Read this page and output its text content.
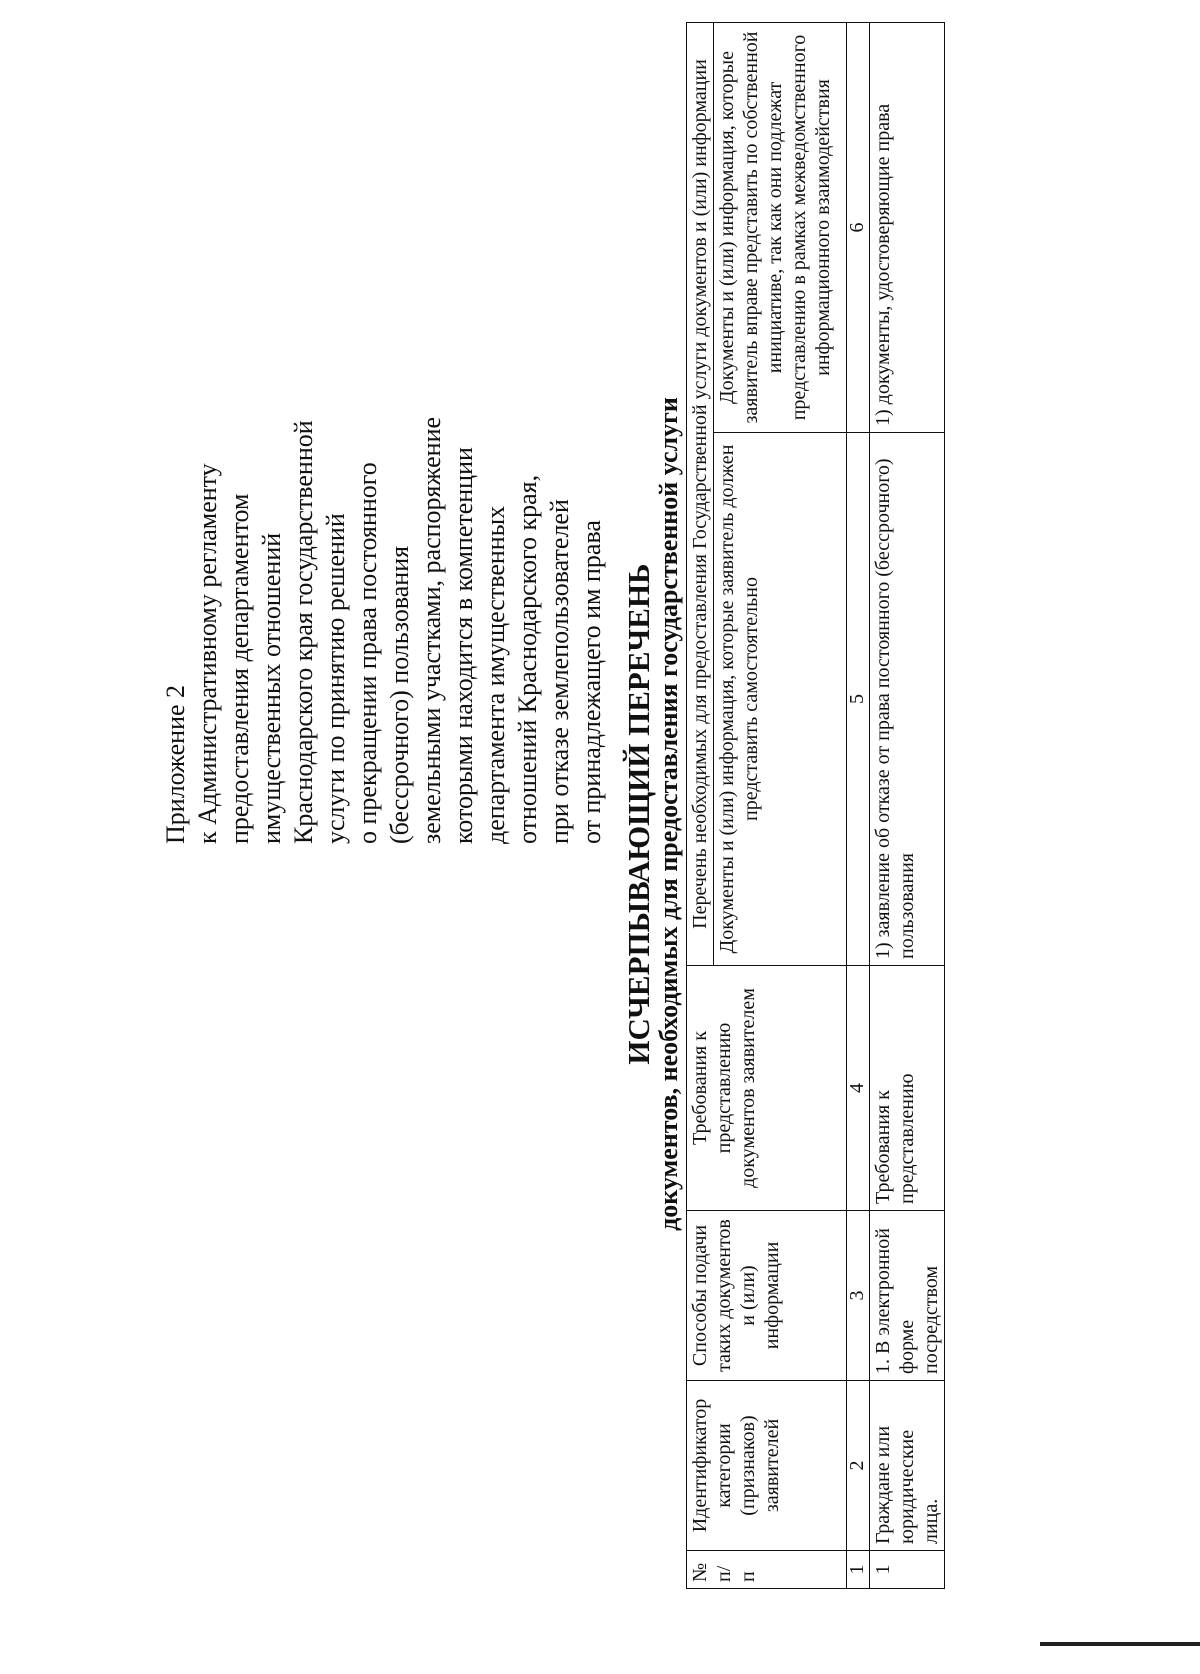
Приложение 2 к Административному регламенту предоставления департаментом имущественных отношений Краснодарского края государственной услуги по принятию решений о прекращении права постоянного (бессрочного) пользования земельными участками, распоряжение которыми находится в компетенции департамента имущественных отношений Краснодарского края, при отказе землепользователей от принадлежащего им права ИСЧЕРПЫВАЮЩИЙ ПЕРЕЧЕНЬ
документов, необходимых для предоставления государственной услуги
№ п/п	Идентификатор категории (признаков) заявителей	Способы подачи таких документов и (или) информации	Требования к представлению документов заявителем	Перечень необходимых для предоставления Государственной услуги документов и (или) информации	
				Документы и (или) информация, которые заявитель должен представить самостоятельно	Документы и (или) информация, которые заявитель вправе представить по собственной инициативе, так как они подлежат представлению в рамках межведомственного информационного взаимодействия
1	2	3	4	5	6
1	Граждане или юридические лица.	1. В электронной форме посредством	Требования к представлению	1) заявление об отказе от права постоянного (бессрочного) пользования	1) документы, удостоверяющие права
